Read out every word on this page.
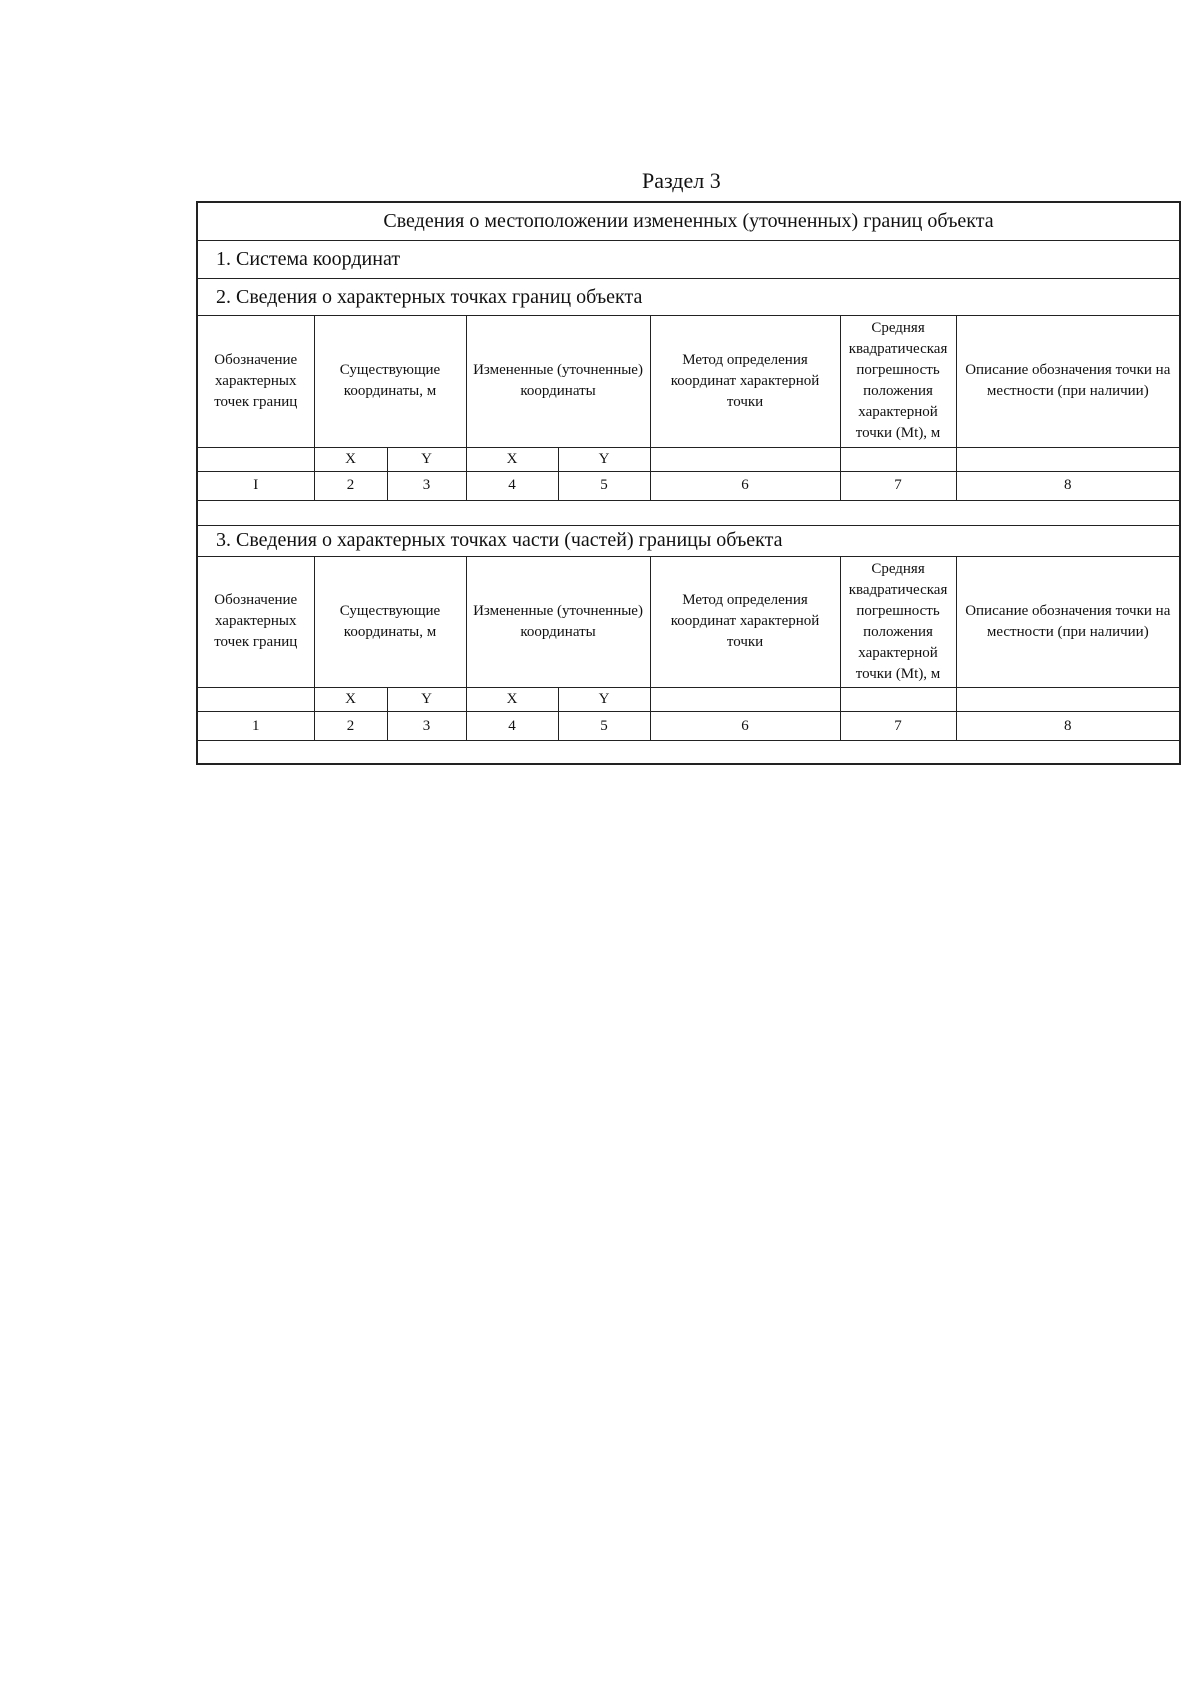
Раздел 3
Сведения о местоположении измененных (уточненных) границ объекта
1. Система координат
2. Сведения о характерных точках границ объекта
Обозначение характерных точек границ	Существующие координаты, м		Измененные (уточненные) координаты		Метод определения координат характерной точки	Средняя квадратическая погрешность положения характерной точки (Mt), м	Описание обозначения точки на местности (при наличии)
	X	Y	X	Y			
I	2	3	4	5	6	7	8
3. Сведения о характерных точках части (частей) границы объекта
Обозначение характерных точек границ	Существующие координаты, м		Измененные (уточненные) координаты		Метод определения координат характерной точки	Средняя квадратическая погрешность положения характерной точки (Mt), м	Описание обозначения точки на местности (при наличии)
	X	Y	X	Y			
1	2	3	4	5	6	7	8
